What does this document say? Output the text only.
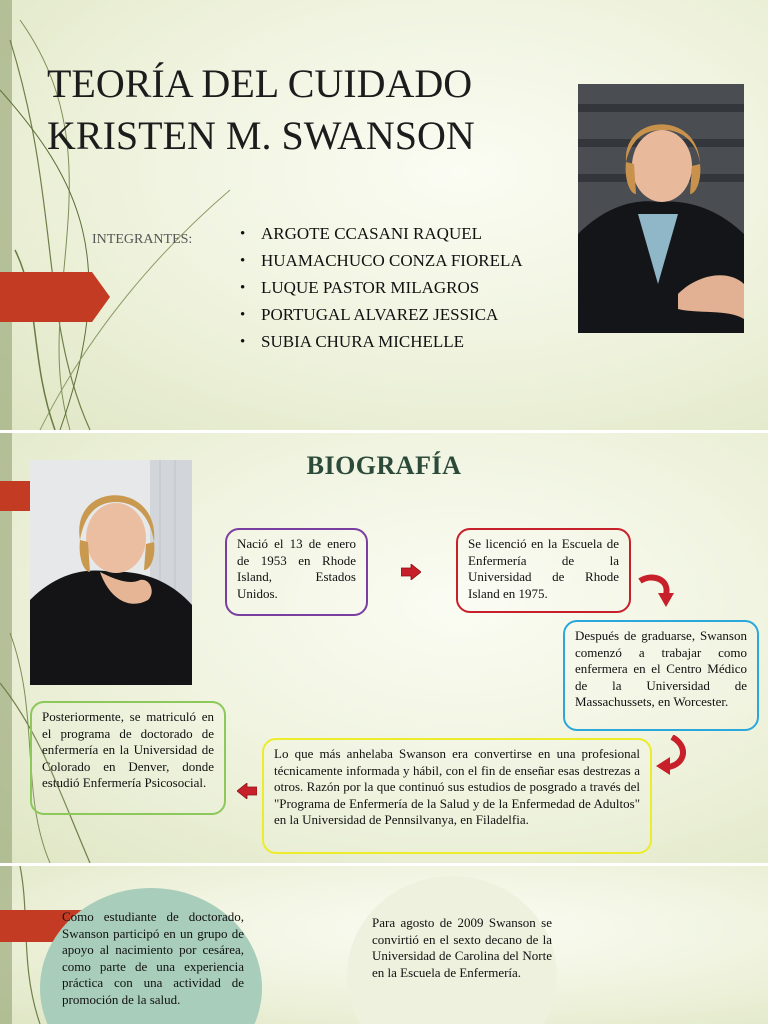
TEORÍA DEL CUIDADO
KRISTEN M. SWANSON
INTEGRANTES:
•	ARGOTE CCASANI RAQUEL
• HUAMACHUCO CONZA FIORELA
• LUQUE PASTOR MILAGROS
• PORTUGAL ALVAREZ JESSICA
• SUBIA CHURA MICHELLE
BIOGRAFÍA
Nació el 13 de enero de 1953 en Rhode Island, Estados Unidos.
Se licenció en la Escuela de Enfermería de la Universidad de Rhode Island en 1975.
Después de graduarse, Swanson comenzó a trabajar como enfermera en el Centro Médico de la Universidad de Massachussets, en Worcester.
Lo que más anhelaba Swanson era convertirse en una profesional técnicamente informada y hábil, con el fin de enseñar esas destrezas a otros. Razón por la que continuó sus estudios de posgrado a través del "Programa de Enfermería de la Salud y de la Enfermedad de Adultos" en la Universidad de Pennsilvanya, en Filadelfia.
Posteriormente, se matriculó en el programa de doctorado de enfermería en la Universidad de Colorado en Denver, donde estudió Enfermería Psicosocial.
Como estudiante de doctorado, Swanson participó en un grupo de apoyo al nacimiento por cesárea, como parte de una experiencia práctica con una actividad de promoción de la salud.
Para agosto de 2009 Swanson se convirtió en el sexto decano de la Universidad de Carolina del Norte en la Escuela de Enfermería.
